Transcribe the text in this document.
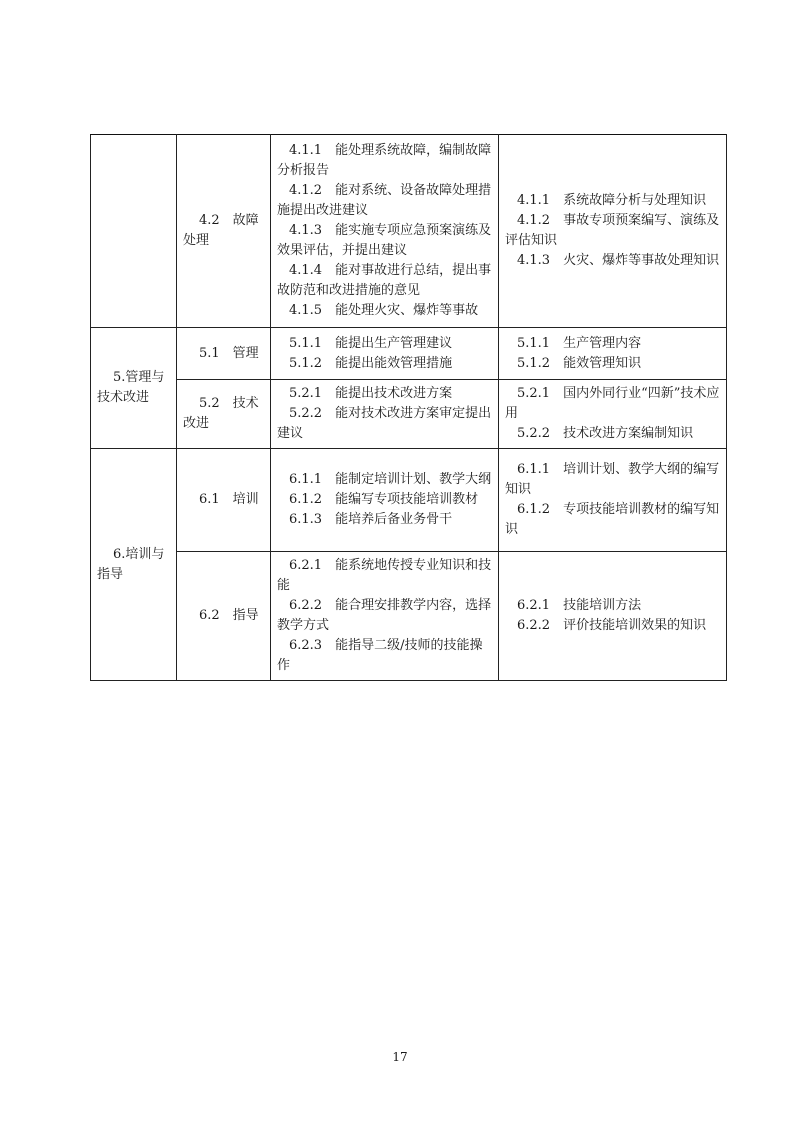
	4.2　故障处理	4.1.1　能处理系统故障，编制故障分析报告
4.1.2　能对系统、设备故障处理措施提出改进建议
4.1.3　能实施专项应急预案演练及效果评估，并提出建议
4.1.4　能对事故进行总结，提出事故防范和改进措施的意见
4.1.5　能处理火灾、爆炸等事故	4.1.1　系统故障分析与处理知识
4.1.2　事故专项预案编写、演练及评估知识
4.1.3　火灾、爆炸等事故处理知识

5.管理与技术改进	5.1　管理	5.1.1　能提出生产管理建议
5.1.2　能提出能效管理措施	5.1.1　生产管理内容
5.1.2　能效管理知识

	5.2　技术改进	5.2.1　能提出技术改进方案
5.2.2　能对技术改进方案审定提出建议	5.2.1　国内外同行业“四新”技术应用
5.2.2　技术改进方案编制知识

6.培训与指导	6.1　培训	6.1.1　能制定培训计划、教学大纲
6.1.2　能编写专项技能培训教材
6.1.3　能培养后备业务骨干	6.1.1　培训计划、教学大纲的编写知识
6.1.2　专项技能培训教材的编写知识

	6.2　指导	6.2.1　能系统地传授专业知识和技能
6.2.2　能合理安排教学内容，选择教学方式
6.2.3　能指导二级/技师的技能操作	6.2.1　技能培训方法
6.2.2　评价技能培训效果的知识
17
